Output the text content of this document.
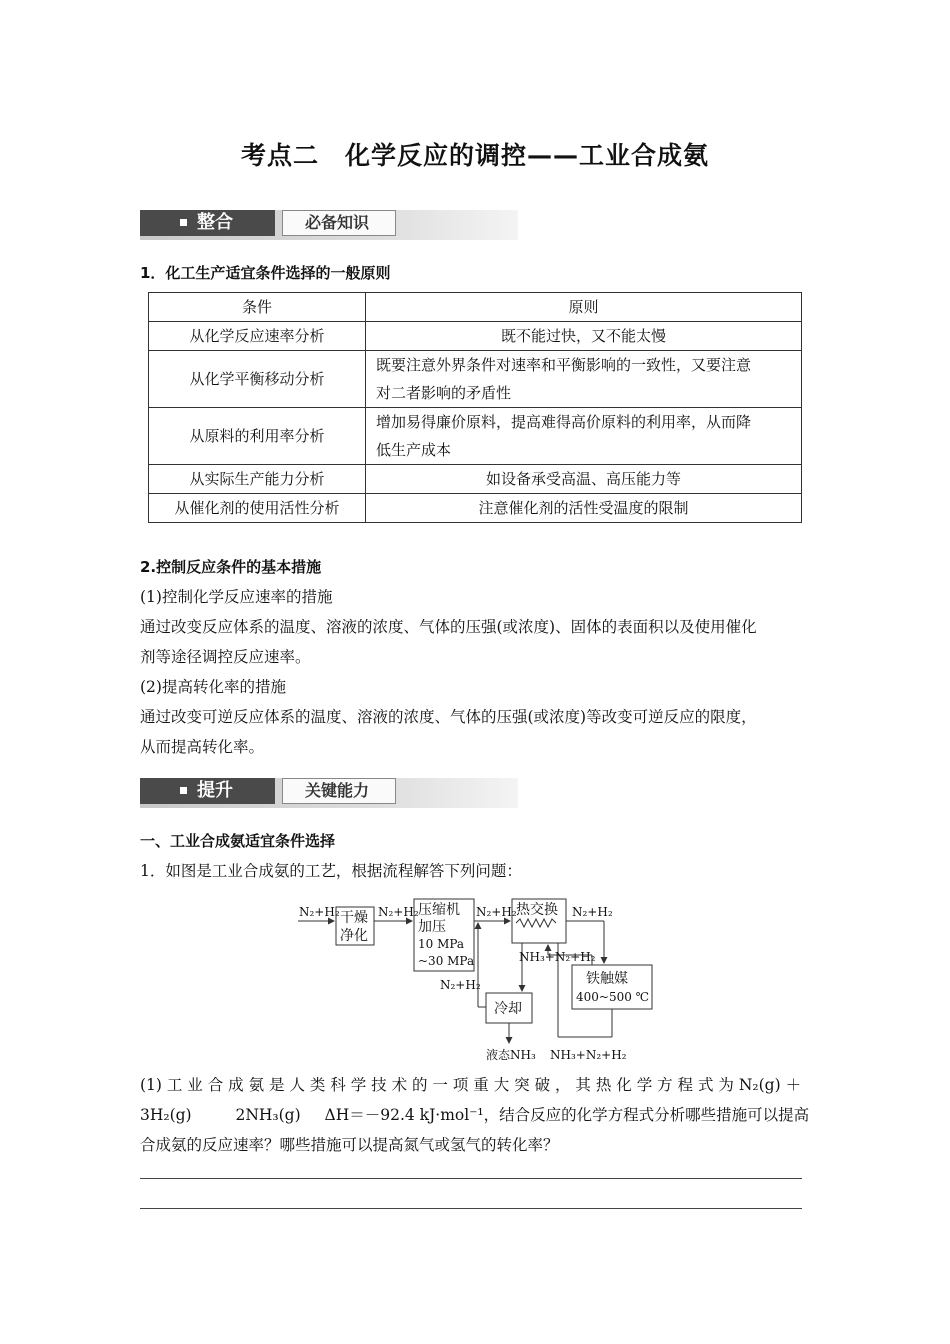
考点二　化学反应的调控——工业合成氨
整合	必备知识
1．化工生产适宜条件选择的一般原则
条件	原则
从化学反应速率分析	既不能过快，又不能太慢
从化学平衡移动分析	既要注意外界条件对速率和平衡影响的一致性，又要注意
对二者影响的矛盾性

从原料的利用率分析	增加易得廉价原料，提高难得高价原料的利用率，从而降
低生产成本

从实际生产能力分析	如设备承受高温、高压能力等
从催化剂的使用活性分析	注意催化剂的活性受温度的限制
2.控制反应条件的基本措施
(1)控制化学反应速率的措施
通过改变反应体系的温度、溶液的浓度、气体的压强(或浓度)、固体的表面积以及使用催化
剂等途径调控反应速率。
(2)提高转化率的措施
通过改变可逆反应体系的温度、溶液的浓度、气体的压强(或浓度)等改变可逆反应的限度，
从而提高转化率。
提升	关键能力
一、工业合成氨适宜条件选择
1．如图是工业合成氨的工艺，根据流程解答下列问题：
N₂+H₂ 干燥
净化
N₂+H₂ 压缩机
加压
10 MPa
~30 MPa
N₂+H₂ 热交换 N₂+H₂
NH₃+N₂+H₂
铁触媒
400~500 ℃
N₂+H₂
冷却
液态NH₃ NH₃+N₂+H₂
(1) 工 业 合 成 氨 是 人 类 科 学 技 术 的 一 项 重 大 突 破 ， 其 热 化 学 方 程 式 为 N₂(g) ＋
3H₂(g)	2NH₃(g) ΔH＝－92.4 kJ·mol⁻¹，结合反应的化学方程式分析哪些措施可以提高
合成氨的反应速率？哪些措施可以提高氮气或氢气的转化率？
